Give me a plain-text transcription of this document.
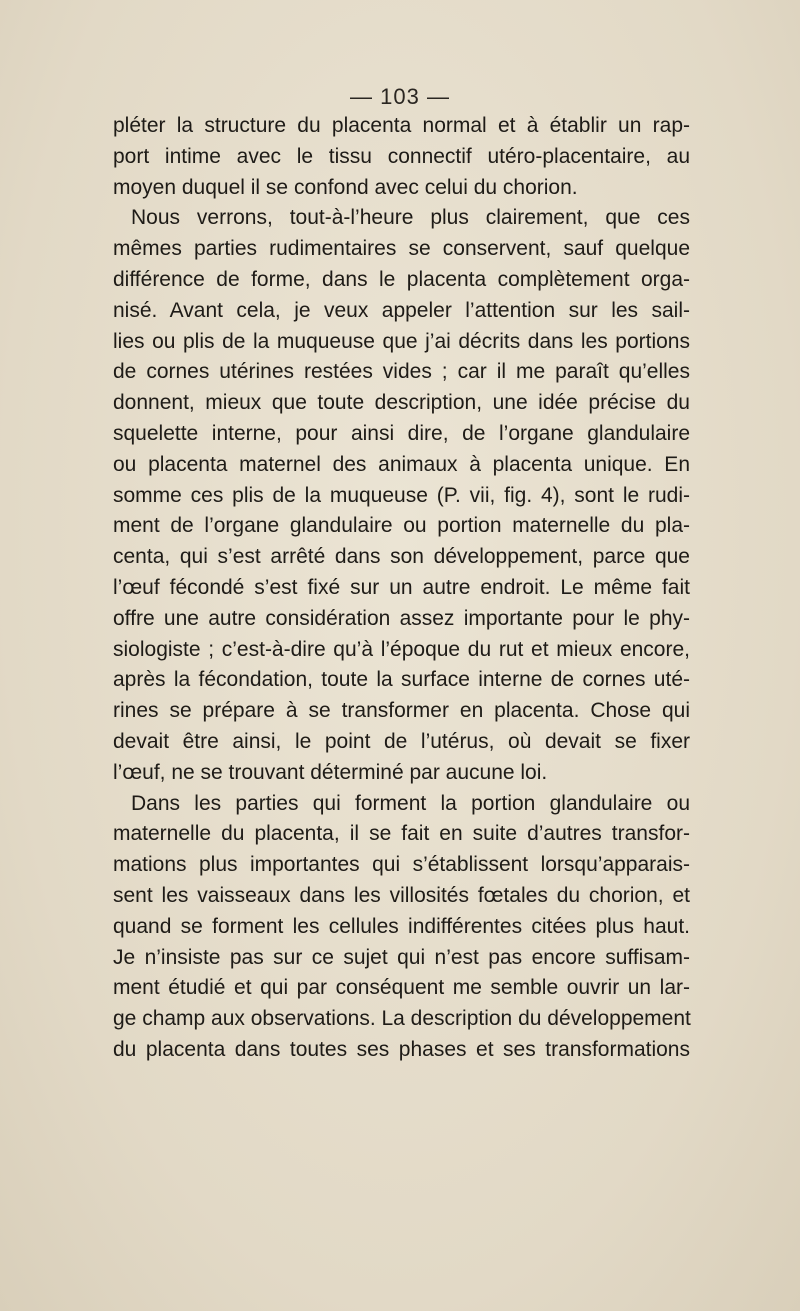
— 103 —
pléter la structure du placenta normal et à établir un rap-
port intime avec le tissu connectif utéro-placentaire, au
moyen duquel il se confond avec celui du chorion.
Nous verrons, tout-à-l’heure plus clairement, que ces
mêmes parties rudimentaires se conservent, sauf quelque
différence de forme, dans le placenta complètement orga-
nisé. Avant cela, je veux appeler l’attention sur les sail-
lies ou plis de la muqueuse que j’ai décrits dans les portions
de cornes utérines restées vides ; car il me paraît qu’elles
donnent, mieux que toute description, une idée précise du
squelette interne, pour ainsi dire, de l’organe glandulaire
ou placenta maternel des animaux à placenta unique. En
somme ces plis de la muqueuse (P. vii, fig. 4), sont le rudi-
ment de l’organe glandulaire ou portion maternelle du pla-
centa, qui s’est arrêté dans son développement, parce que
l’œuf fécondé s’est fixé sur un autre endroit. Le même fait
offre une autre considération assez importante pour le phy-
siologiste ; c’est-à-dire qu’à l’époque du rut et mieux encore,
après la fécondation, toute la surface interne de cornes uté-
rines se prépare à se transformer en placenta. Chose qui
devait être ainsi, le point de l’utérus, où devait se fixer
l’œuf, ne se trouvant déterminé par aucune loi.
Dans les parties qui forment la portion glandulaire ou
maternelle du placenta, il se fait en suite d’autres transfor-
mations plus importantes qui s’établissent lorsqu’apparais-
sent les vaisseaux dans les villosités fœtales du chorion, et
quand se forment les cellules indifférentes citées plus haut.
Je n’insiste pas sur ce sujet qui n’est pas encore suffisam-
ment étudié et qui par conséquent me semble ouvrir un lar-
ge champ aux observations. La description du développement
du placenta dans toutes ses phases et ses transformations
